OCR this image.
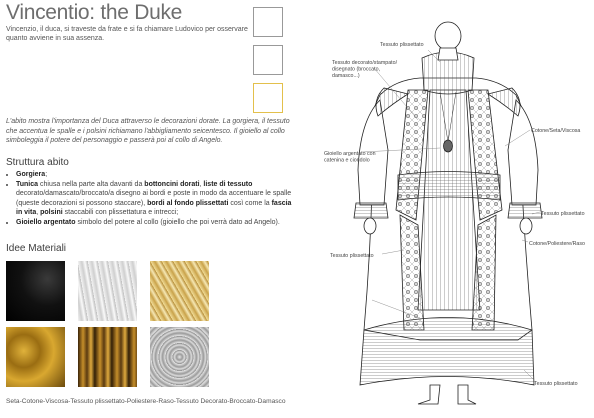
Vincentio: the Duke
Vincenzio, il duca, si traveste da frate e si fa chiamare Ludovico per osservare quanto avviene in sua assenza.
L'abito mostra l'importanza del Duca attraverso le decorazioni dorate. La gorgiera, il tessuto che accentua le spalle e i polsini richiamano l'abbigliamento seicentesco. Il gioiello al collo simboleggia il potere del personaggio e passerà poi al collo di Angelo.
Struttura abito
• Gorgiera;
• Tunica chiusa nella parte alta davanti da bottoncini dorati, liste di tessuto decorato/damascato/broccato/a disegno ai bordi e poste in modo da accentuare le spalle (queste decorazioni si possono staccare), bordi al fondo plissettati così come la fascia in vita, polsini staccabili con plissettatura e intrecci;
• Gioiello argentato simbolo del potere al collo (gioiello che poi verrà dato ad Angelo).
Idee Materiali
Seta-Cotone-Viscosa-Tessuto plissettato-Poliestere-Raso-Tessuto Decorato-Broccato-Damasco
Tessuto plissettato
Tessuto decorato/stampato/
disegnato (broccato,
damasco...)
Gioiello argentato con
catenina e ciondolo
Cotone/Seta/Viscosa
Tessuto plissettato
Cotone/Poliestere/Raso
Tessuto plissettato
Tessuto plissettato
